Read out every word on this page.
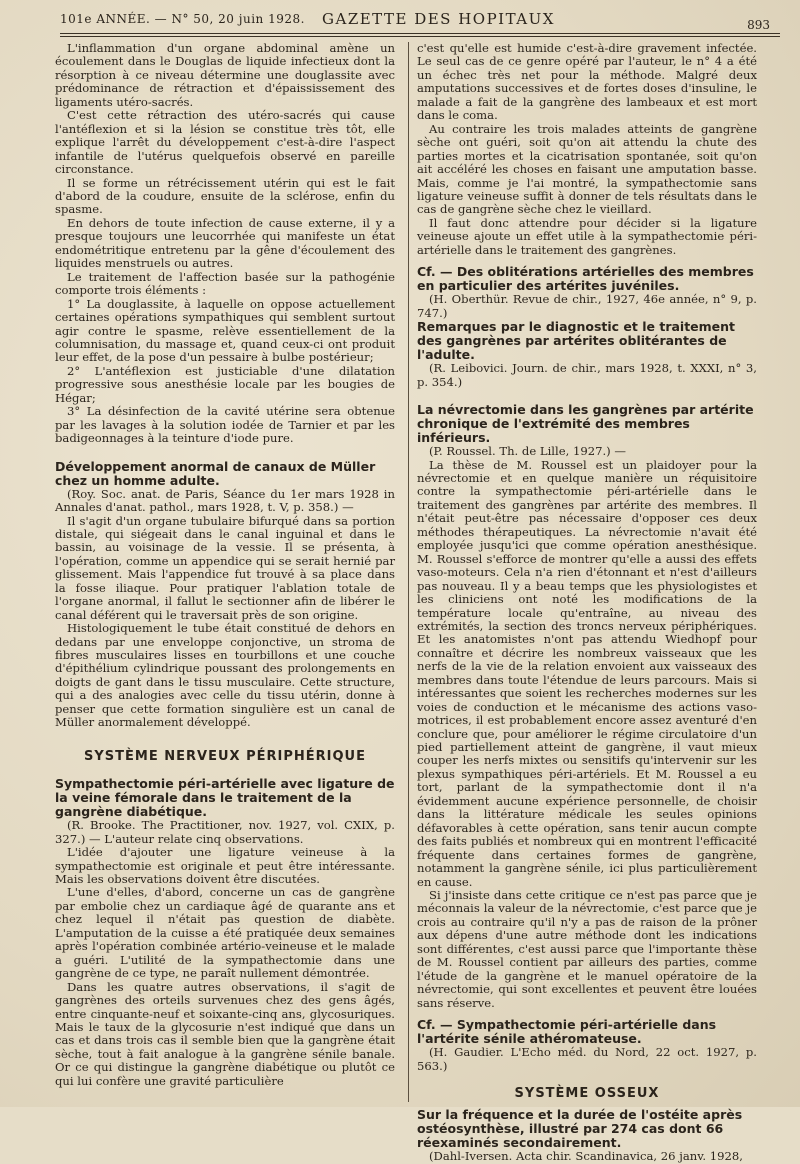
101e ANNÉE. — N° 50, 20 juin 1928. GAZETTE DES HOPITAUX	893

L'inflammation d'un organe abdominal amène un écoulement dans le Douglas de liquide infectieux dont la résorption à ce niveau détermine une douglassite avec prédominance de rétraction et d'épaississement des ligaments utéro-sacrés.

C'est cette rétraction des utéro-sacrés qui cause l'antéflexion et si la lésion se constitue très tôt, elle explique l'arrêt du développement c'est-à-dire l'aspect infantile de l'utérus quelquefois observé en pareille circonstance.

Il se forme un rétrécissement utérin qui est le fait d'abord de la coudure, ensuite de la sclérose, enfin du spasme.

En dehors de toute infection de cause externe, il y a presque toujours une leucorrhée qui manifeste un état endométritique entretenu par la gêne d'écoulement des liquides menstruels ou autres.

Le traitement de l'affection basée sur la pathogénie comporte trois éléments :

1° La douglassite, à laquelle on oppose actuellement certaines opérations sympathiques qui semblent surtout agir contre le spasme, relève essentiellement de la columnisation, du massage et, quand ceux-ci ont produit leur effet, de la pose d'un pessaire à bulbe postérieur;

2° L'antéflexion est justiciable d'une dilatation progressive sous anesthésie locale par les bougies de Hégar;

3° La désinfection de la cavité utérine sera obtenue par les lavages à la solution iodée de Tarnier et par les badigeonnages à la teinture d'iode pure.

Développement anormal de canaux de Müller chez un homme adulte.

(Roy. Soc. anat. de Paris, Séance du 1er mars 1928 in Annales d'anat. pathol., mars 1928, t. V, p. 358.) —

Il s'agit d'un organe tubulaire bifurqué dans sa portion distale, qui siégeait dans le canal inguinal et dans le bassin, au voisinage de la vessie. Il se présenta, à l'opération, comme un appendice qui se serait hernié par glissement. Mais l'appendice fut trouvé à sa place dans la fosse iliaque. Pour pratiquer l'ablation totale de l'organe anormal, il fallut le sectionner afin de libérer le canal déférent qui le traversait près de son origine.

Histologiquement le tube était constitué de dehors en dedans par une enveloppe conjonctive, un stroma de fibres musculaires lisses en tourbillons et une couche d'épithélium cylindrique poussant des prolongements en doigts de gant dans le tissu musculaire. Cette structure, qui a des analogies avec celle du tissu utérin, donne à penser que cette formation singulière est un canal de Müller anormalement développé.

SYSTÈME NERVEUX PÉRIPHÉRIQUE
Sympathectomie péri-artérielle avec ligature de la veine fémorale dans le traitement de la gangrène diabétique.

(R. Brooke. The Practitioner, nov. 1927, vol. CXIX, p. 327.) — L'auteur relate cinq observations.

L'idée d'ajouter une ligature veineuse à la sympathectomie est originale et peut être intéressante. Mais les observations doivent être discutées.

L'une d'elles, d'abord, concerne un cas de gangrène par embolie chez un cardiaque âgé de quarante ans et chez lequel il n'était pas question de diabète. L'amputation de la cuisse a été pratiquée deux semaines après l'opération combinée artério-veineuse et le malade a guéri. L'utilité de la sympathectomie dans une gangrène de ce type, ne paraît nullement démontrée.

Dans les quatre autres observations, il s'agit de gangrènes des orteils survenues chez des gens âgés, entre cinquante-neuf et soixante-cinq ans, glycosuriques. Mais le taux de la glycosurie n'est indiqué que dans un cas et dans trois cas il semble bien que la gangrène était sèche, tout à fait analogue à la gangrène sénile banale. Or ce qui distingue la gangrène diabétique ou plutôt ce qui lui confère une gravité particulière

c'est qu'elle est humide c'est-à-dire gravement infectée. Le seul cas de ce genre opéré par l'auteur, le n° 4 a été un échec très net pour la méthode. Malgré deux amputations successives et de fortes doses d'insuline, le malade a fait de la gangrène des lambeaux et est mort dans le coma.

Au contraire les trois malades atteints de gangrène sèche ont guéri, soit qu'on ait attendu la chute des parties mortes et la cicatrisation spontanée, soit qu'on ait accéléré les choses en faisant une amputation basse. Mais, comme je l'ai montré, la sympathectomie sans ligature veineuse suffit à donner de tels résultats dans le cas de gangrène sèche chez le vieillard.

Il faut donc attendre pour décider si la ligature veineuse ajoute un effet utile à la sympathectomie péri-artérielle dans le traitement des gangrènes.

Cf. — Des oblitérations artérielles des membres en particulier des artérites juvéniles.

(H. Oberthür. Revue de chir., 1927, 46e année, n° 9, p. 747.)

Remarques par le diagnostic et le traitement des gangrènes par artérites oblitérantes de l'adulte.

(R. Leibovici. Journ. de chir., mars 1928, t. XXXI, n° 3, p. 354.)

La névrectomie dans les gangrènes par artérite chronique de l'extrémité des membres inférieurs.

(P. Roussel. Th. de Lille, 1927.) —

La thèse de M. Roussel est un plaidoyer pour la névrectomie et en quelque manière un réquisitoire contre la sympathectomie péri-artérielle dans le traitement des gangrènes par artérite des membres. Il n'était peut-être pas nécessaire d'opposer ces deux méthodes thérapeutiques. La névrectomie n'avait été employée jusqu'ici que comme opération anesthésique. M. Roussel s'efforce de montrer qu'elle a aussi des effets vaso-moteurs. Cela n'a rien d'étonnant et n'est d'ailleurs pas nouveau. Il y a beau temps que les physiologistes et les cliniciens ont noté les modifications de la température locale qu'entraîne, au niveau des extrémités, la section des troncs nerveux périphériques. Et les anatomistes n'ont pas attendu Wiedhopf pour connaître et décrire les nombreux vaisseaux que les nerfs de la vie de la relation envoient aux vaisseaux des membres dans toute l'étendue de leurs parcours. Mais si intéressantes que soient les recherches modernes sur les voies de conduction et le mécanisme des actions vaso-motrices, il est probablement encore assez aventuré d'en conclure que, pour améliorer le régime circulatoire d'un pied partiellement atteint de gangrène, il vaut mieux couper les nerfs mixtes ou sensitifs qu'intervenir sur les plexus sympathiques péri-artériels. Et M. Roussel a eu tort, parlant de la sympathectomie dont il n'a évidemment aucune expérience personnelle, de choisir dans la littérature médicale les seules opinions défavorables à cette opération, sans tenir aucun compte des faits publiés et nombreux qui en montrent l'efficacité fréquente dans certaines formes de gangrène, notamment la gangrène sénile, ici plus particulièrement en cause.

Si j'insiste dans cette critique ce n'est pas parce que je méconnais la valeur de la névrectomie, c'est parce que je crois au contraire qu'il n'y a pas de raison de la prôner aux dépens d'une autre méthode dont les indications sont différentes, c'est aussi parce que l'importante thèse de M. Roussel contient par ailleurs des parties, comme l'étude de la gangrène et le manuel opératoire de la névrectomie, qui sont excellentes et peuvent être louées sans réserve.

Cf. — Sympathectomie péri-artérielle dans l'artérite sénile athéromateuse.

(H. Gaudier. L'Echo méd. du Nord, 22 oct. 1927, p. 563.)

SYSTÈME OSSEUX
Sur la fréquence et la durée de l'ostéite après ostéosynthèse, illustré par 274 cas dont 66 réexaminés secondairement.

(Dahl-Iversen. Acta chir. Scandinavica, 26 janv. 1928,
